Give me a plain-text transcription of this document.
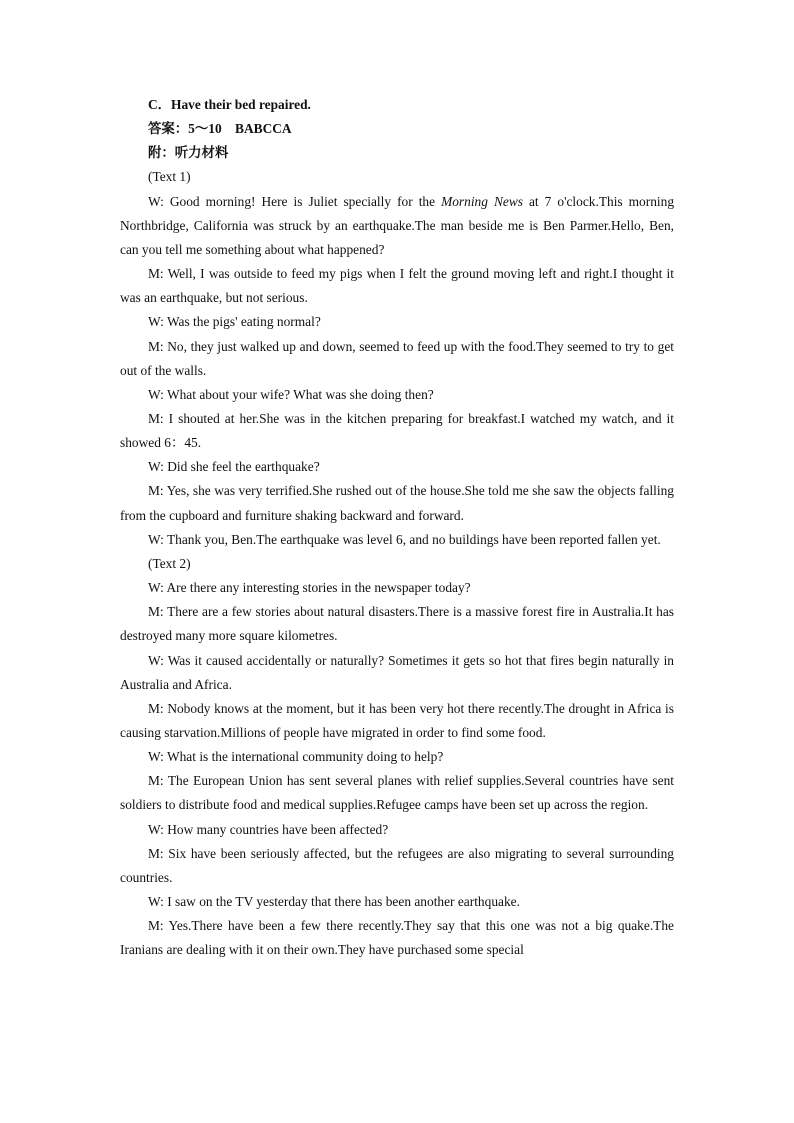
C．Have their bed repaired.
答案：5～10　BABCCA
附：听力材料
(Text 1)

W: Good morning! Here is Juliet specially for the Morning News at 7 o'clock.This morning Northbridge, California was struck by an earthquake.The man beside me is Ben Parmer.Hello, Ben, can you tell me something about what happened?

M: Well, I was outside to feed my pigs when I felt the ground moving left and right.I thought it was an earthquake, but not serious.

W: Was the pigs' eating normal?

M: No, they just walked up and down, seemed to feed up with the food.They seemed to try to get out of the walls.

W: What about your wife? What was she doing then?

M: I shouted at her.She was in the kitchen preparing for breakfast.I watched my watch, and it showed 6：45.

W: Did she feel the earthquake?

M: Yes, she was very terrified.She rushed out of the house.She told me she saw the objects falling from the cupboard and furniture shaking backward and forward.

W: Thank you, Ben.The earthquake was level 6, and no buildings have been reported fallen yet.

(Text 2)

W: Are there any interesting stories in the newspaper today?

M: There are a few stories about natural disasters.There is a massive forest fire in Australia.It has destroyed many more square kilometres.

W: Was it caused accidentally or naturally? Sometimes it gets so hot that fires begin naturally in Australia and Africa.

M: Nobody knows at the moment, but it has been very hot there recently.The drought in Africa is causing starvation.Millions of people have migrated in order to find some food.

W: What is the international community doing to help?

M: The European Union has sent several planes with relief supplies.Several countries have sent soldiers to distribute food and medical supplies.Refugee camps have been set up across the region.

W: How many countries have been affected?

M: Six have been seriously affected, but the refugees are also migrating to several surrounding countries.

W: I saw on the TV yesterday that there has been another earthquake.

M: Yes.There have been a few there recently.They say that this one was not a big quake.The Iranians are dealing with it on their own.They have purchased some special
